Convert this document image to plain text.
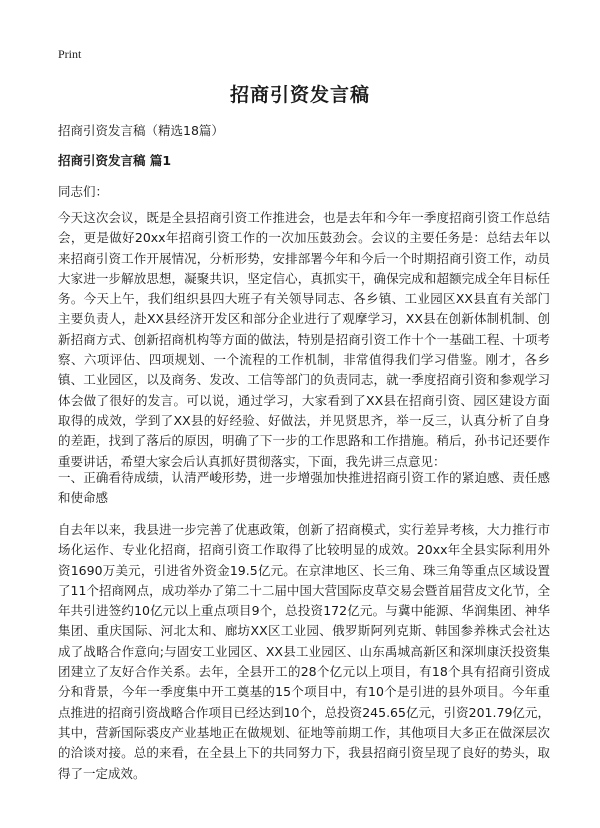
Print
招商引资发言稿
招商引资发言稿（精选18篇）
招商引资发言稿 篇1
同志们：

今天这次会议，既是全县招商引资工作推进会，也是去年和今年一季度招商引资工作总结会，更是做好20xx年招商引资工作的一次加压鼓劲会。会议的主要任务是：总结去年以来招商引资工作开展情况，分析形势，安排部署今年和今后一个时期招商引资工作，动员大家进一步解放思想，凝聚共识，坚定信心，真抓实干，确保完成和超额完成全年目标任务。今天上午，我们组织县四大班子有关领导同志、各乡镇、工业园区XX县直有关部门主要负责人，赴XX县经济开发区和部分企业进行了观摩学习，XX县在创新体制机制、创新招商方式、创新招商机构等方面的做法，特别是招商引资工作十个一基础工程、十项考察、六项评估、四项规划、一个流程的工作机制，非常值得我们学习借鉴。刚才，各乡镇、工业园区，以及商务、发改、工信等部门的负责同志，就一季度招商引资和参观学习体会做了很好的发言。可以说，通过学习，大家看到了XX县在招商引资、园区建设方面取得的成效，学到了XX县的好经验、好做法，并见贤思齐，举一反三，认真分析了自身的差距，找到了落后的原因，明确了下一步的工作思路和工作措施。稍后，孙书记还要作重要讲话，希望大家会后认真抓好贯彻落实，下面，我先讲三点意见：

一、正确看待成绩，认清严峻形势，进一步增强加快推进招商引资工作的紧迫感、责任感和使命感

自去年以来，我县进一步完善了优惠政策，创新了招商模式，实行差异考核，大力推行市场化运作、专业化招商，招商引资工作取得了比较明显的成效。20xx年全县实际利用外资1690万美元，引进省外资金19.5亿元。在京津地区、长三角、珠三角等重点区域设置了11个招商网点，成功举办了第二十二届中国大营国际皮草交易会暨首届营皮文化节，全年共引进签约10亿元以上重点项目9个，总投资172亿元。与冀中能源、华润集团、神华集团、重庆国际、河北太和、廊坊XX区工业园、俄罗斯阿列克斯、韩国参养株式会社达成了战略合作意向;与固安工业园区、XX县工业园区、山东禹城高新区和深圳康沃投资集团建立了友好合作关系。去年，全县开工的28个亿元以上项目，有18个具有招商引资成分和背景，今年一季度集中开工奠基的15个项目中，有10个是引进的县外项目。今年重点推进的招商引资战略合作项目已经达到10个，总投资245.65亿元，引资201.79亿元，其中，营新国际裘皮产业基地正在做规划、征地等前期工作，其他项目大多正在做深层次的洽谈对接。总的来看，在全县上下的共同努力下，我县招商引资呈现了良好的势头，取得了一定成效。
